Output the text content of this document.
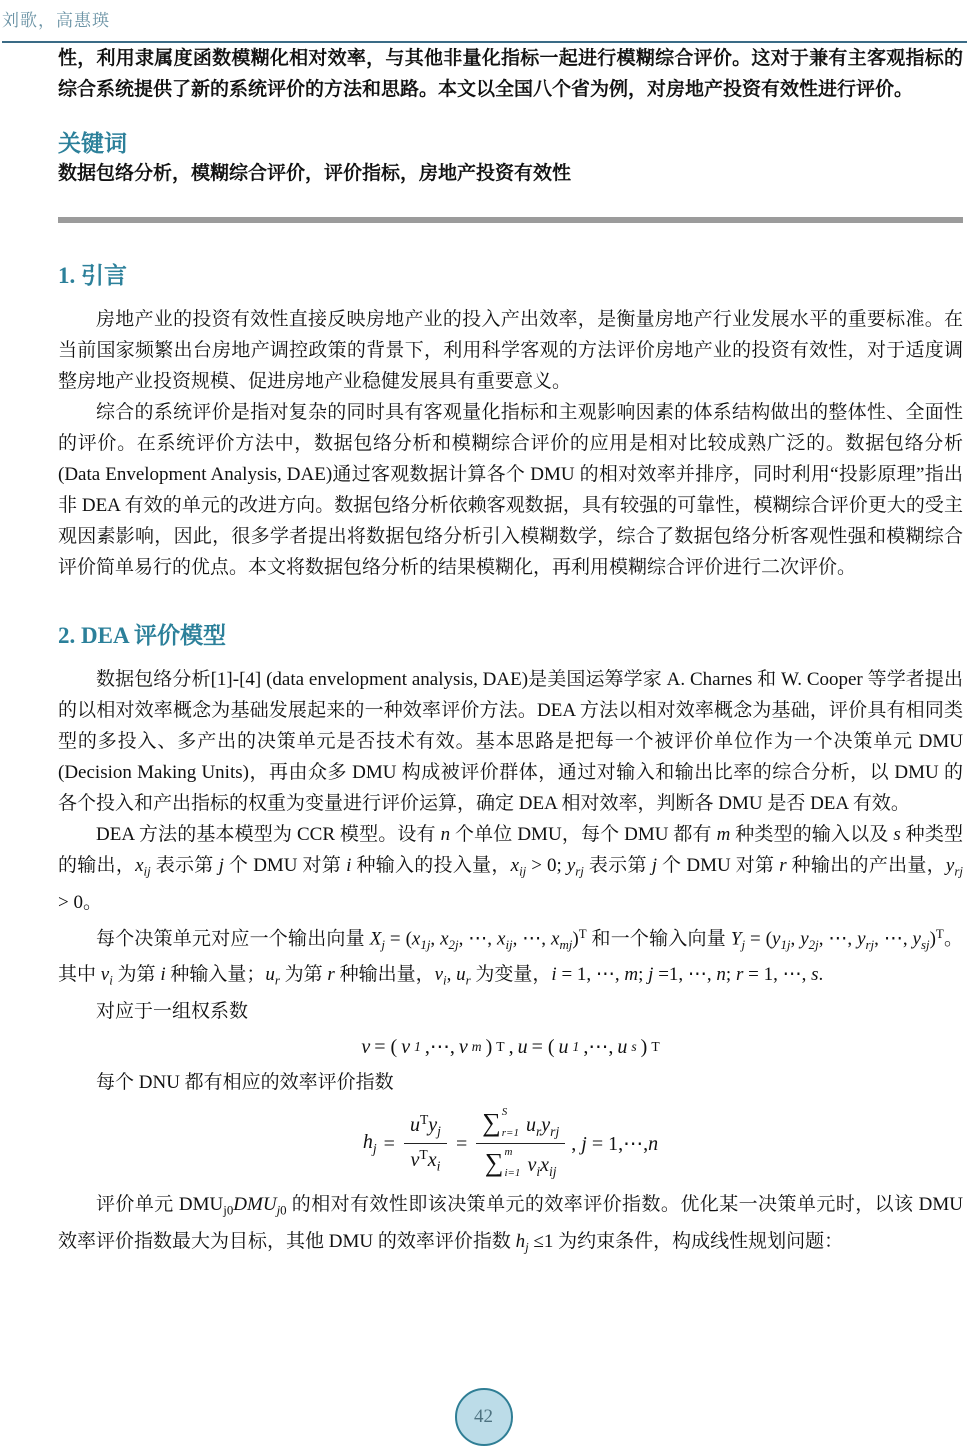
刘歌，高惠瑛

性，利用隶属度函数模糊化相对效率，与其他非量化指标一起进行模糊综合评价。这对于兼有主客观指标的综合系统提供了新的系统评价的方法和思路。本文以全国八个省为例，对房地产投资有效性进行评价。

关键词

数据包络分析，模糊综合评价，评价指标，房地产投资有效性

1. 引言

房地产业的投资有效性直接反映房地产业的投入产出效率，是衡量房地产行业发展水平的重要标准。在当前国家频繁出台房地产调控政策的背景下，利用科学客观的方法评价房地产业的投资有效性，对于适度调整房地产业投资规模、促进房地产业稳健发展具有重要意义。

综合的系统评价是指对复杂的同时具有客观量化指标和主观影响因素的体系结构做出的整体性、全面性的评价。在系统评价方法中，数据包络分析和模糊综合评价的应用是相对比较成熟广泛的。数据包络分析(Data Envelopment Analysis, DAE)通过客观数据计算各个 DMU 的相对效率并排序，同时利用“投影原理”指出非 DEA 有效的单元的改进方向。数据包络分析依赖客观数据，具有较强的可靠性，模糊综合评价更大的受主观因素影响，因此，很多学者提出将数据包络分析引入模糊数学，综合了数据包络分析客观性强和模糊综合评价简单易行的优点。本文将数据包络分析的结果模糊化，再利用模糊综合评价进行二次评价。

2. DEA 评价模型

数据包络分析[1]-[4] (data envelopment analysis, DAE)是美国运筹学家 A. Charnes 和 W. Cooper 等学者提出的以相对效率概念为基础发展起来的一种效率评价方法。DEA 方法以相对效率概念为基础，评价具有相同类型的多投入、多产出的决策单元是否技术有效。基本思路是把每一个被评价单位作为一个决策单元 DMU (Decision Making Units)，再由众多 DMU 构成被评价群体，通过对输入和输出比率的综合分析，以 DMU 的各个投入和产出指标的权重为变量进行评价运算，确定 DEA 相对效率，判断各 DMU 是否 DEA 有效。

DEA 方法的基本模型为 CCR 模型。设有 n 个单位 DMU，每个 DMU 都有 m 种类型的输入以及 s 种类型的输出，$x_{ij}$ 表示第 j 个 DMU 对第 i 种输入的投入量，$x_{ij} > 0$; $y_{rj}$ 表示第 j 个 DMU 对第 r 种输出的产出量，$y_{rj} > 0$。

每个决策单元对应一个输出向量 $X_j = (x_{1j}$, $x_{2j}$, ⋯, $x_{ij}$, ⋯, $x_{mj})^T$ 和一个输入向量 $Y_j = (y_{1j}$, $y_{2j}$, ⋯, $y_{rj}$, ⋯, $y_{sj})^T$。其中 $v_i$ 为第 i 种输入量；$u_r$ 为第 r 种输出量，$v_i$, $u_r$ 为变量，i = 1, ⋯, m; j =1, ⋯, n; r = 1, ⋯, s.

对应于一组权系数

v = ( v 1 ,⋯, v m ) T , u = ( u 1 ,⋯, u s ) T

每个 DNU 都有相应的效率评价指数

$h_j = \frac{u^Ty_j}{v^Tx_i}$ =
∑ S
r=1 $u_ry_{rj}$
∑ m
i=1 $v_ix_{ij}$
, j = 1,⋯,n

评价单元 $DMU_{j0}DMU_{j0}$ 的相对有效性即该决策单元的效率评价指数。优化某一决策单元时，以该 DMU 效率评价指数最大为目标，其他 DMU 的效率评价指数 $h_j \le 1$ 为约束条件，构成线性规划问题：

42
